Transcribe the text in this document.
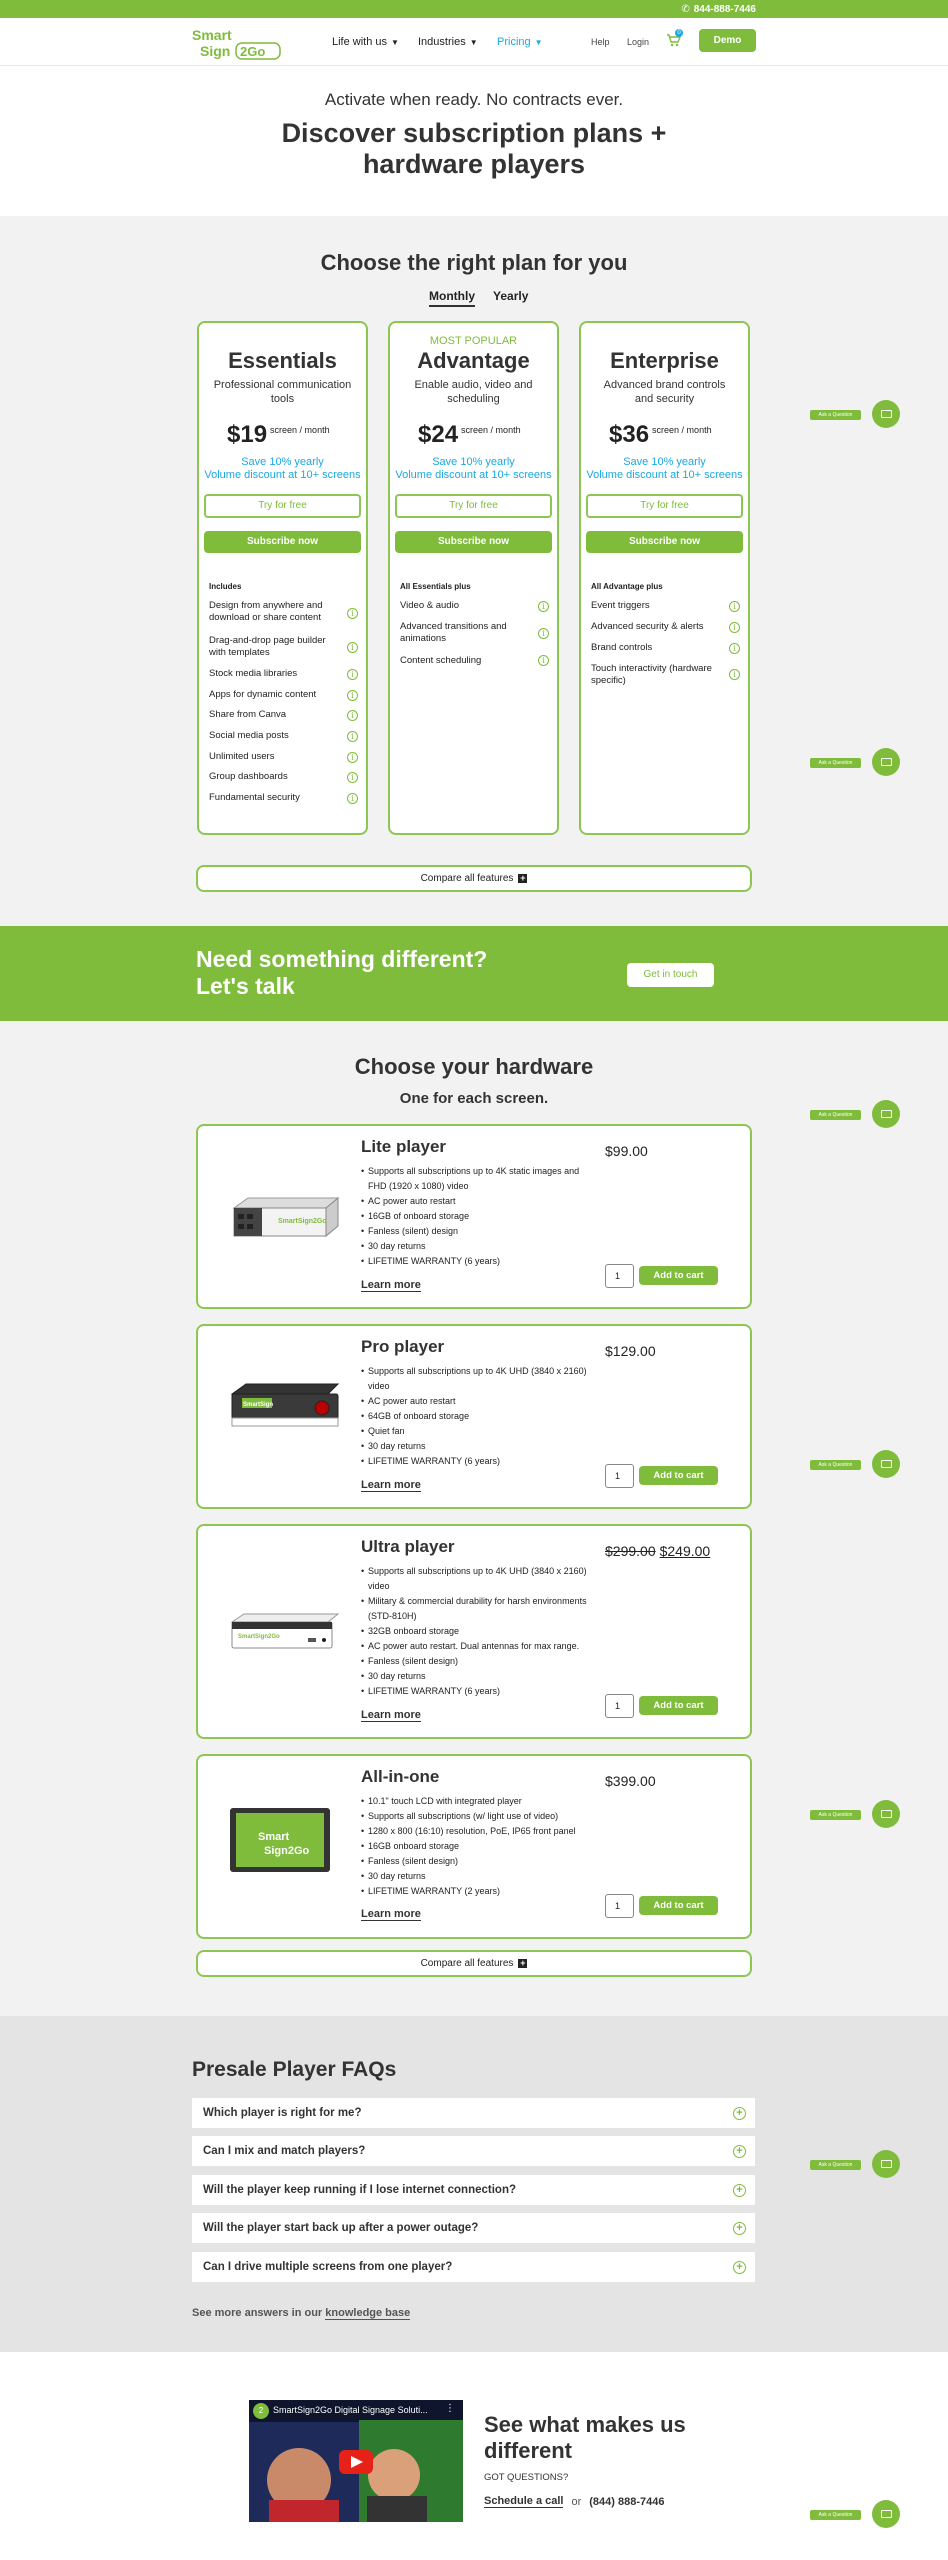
✆ 844-888-7446
Smart
Sign 2Go
Life with us ▼ Industries ▼ Pricing ▼	Help Login
0
Demo
Activate when ready. No contracts ever.
Discover subscription plans +
hardware players
Choose the right plan for you
Monthly Yearly
Essentials
Professional communication tools
$19 screen / month
Save 10% yearly
Volume discount at 10+ screens
Try for free
Subscribe now
Includes
Design from anywhere and download or share content	i
Drag-and-drop page builder with templates	i
Stock media libraries	i
Apps for dynamic content	i
Share from Canva	i
Social media posts	i
Unlimited users	i
Group dashboards	i
Fundamental security	i
MOST POPULAR
Advantage
Enable audio, video and scheduling
$24 screen / month
Save 10% yearly
Volume discount at 10+ screens
Try for free
Subscribe now
All Essentials plus
Video & audio	i
Advanced transitions and animations	i
Content scheduling	i
Enterprise
Advanced brand controls and security
$36 screen / month
Save 10% yearly
Volume discount at 10+ screens
Try for free
Subscribe now
All Advantage plus
Event triggers	i
Advanced security & alerts	i
Brand controls	i
Touch interactivity (hardware specific)
i
Compare all features +
Need something different?
Let's talk	Get in touch
Choose your hardware
One for each screen.
SmartSign2Go
Lite player
• Supports all subscriptions up to 4K static images and FHD (1920 x 1080) video
• AC power auto restart
• 16GB of onboard storage
• Fanless (silent) design
• 30 day returns
• LIFETIME WARRANTY (6 years)
Learn more
$99.00
1	Add to cart
SmartSign
Pro player
• Supports all subscriptions up to 4K UHD (3840 x 2160) video
• AC power auto restart
• 64GB of onboard storage
• Quiet fan
• 30 day returns
• LIFETIME WARRANTY (6 years)
Learn more
$129.00
1	Add to cart
SmartSign2Go
Ultra player
• Supports all subscriptions up to 4K UHD (3840 x 2160) video
• Military & commercial durability for harsh environments (STD-810H)
• 32GB onboard storage
• AC power auto restart. Dual antennas for max range.
• Fanless (silent design)
• 30 day returns
• LIFETIME WARRANTY (6 years)
Learn more
$299.00 $249.00
1	Add to cart
Smart
Sign2Go
All-in-one
• 10.1" touch LCD with integrated player
• Supports all subscriptions (w/ light use of video)
• 1280 x 800 (16:10) resolution, PoE, IP65 front panel
• 16GB onboard storage
• Fanless (silent design)
• 30 day returns
• LIFETIME WARRANTY (2 years)
Learn more
$399.00
1	Add to cart
Compare all features +
Presale Player FAQs
Which player is right for me?	+
Can I mix and match players?	+
Will the player keep running if I lose internet connection?	+
Will the player start back up after a power outage?	+
Can I drive multiple screens from one player?	+
See more answers in our knowledge base
2	SmartSign2Go Digital Signage Soluti... ⋮
See what makes us
different
GOT QUESTIONS?
Schedule a call or (844) 888-7446
Ask a Question
Ask a Question
Ask a Question
Ask a Question
Ask a Question
Ask a Question
Ask a Question
